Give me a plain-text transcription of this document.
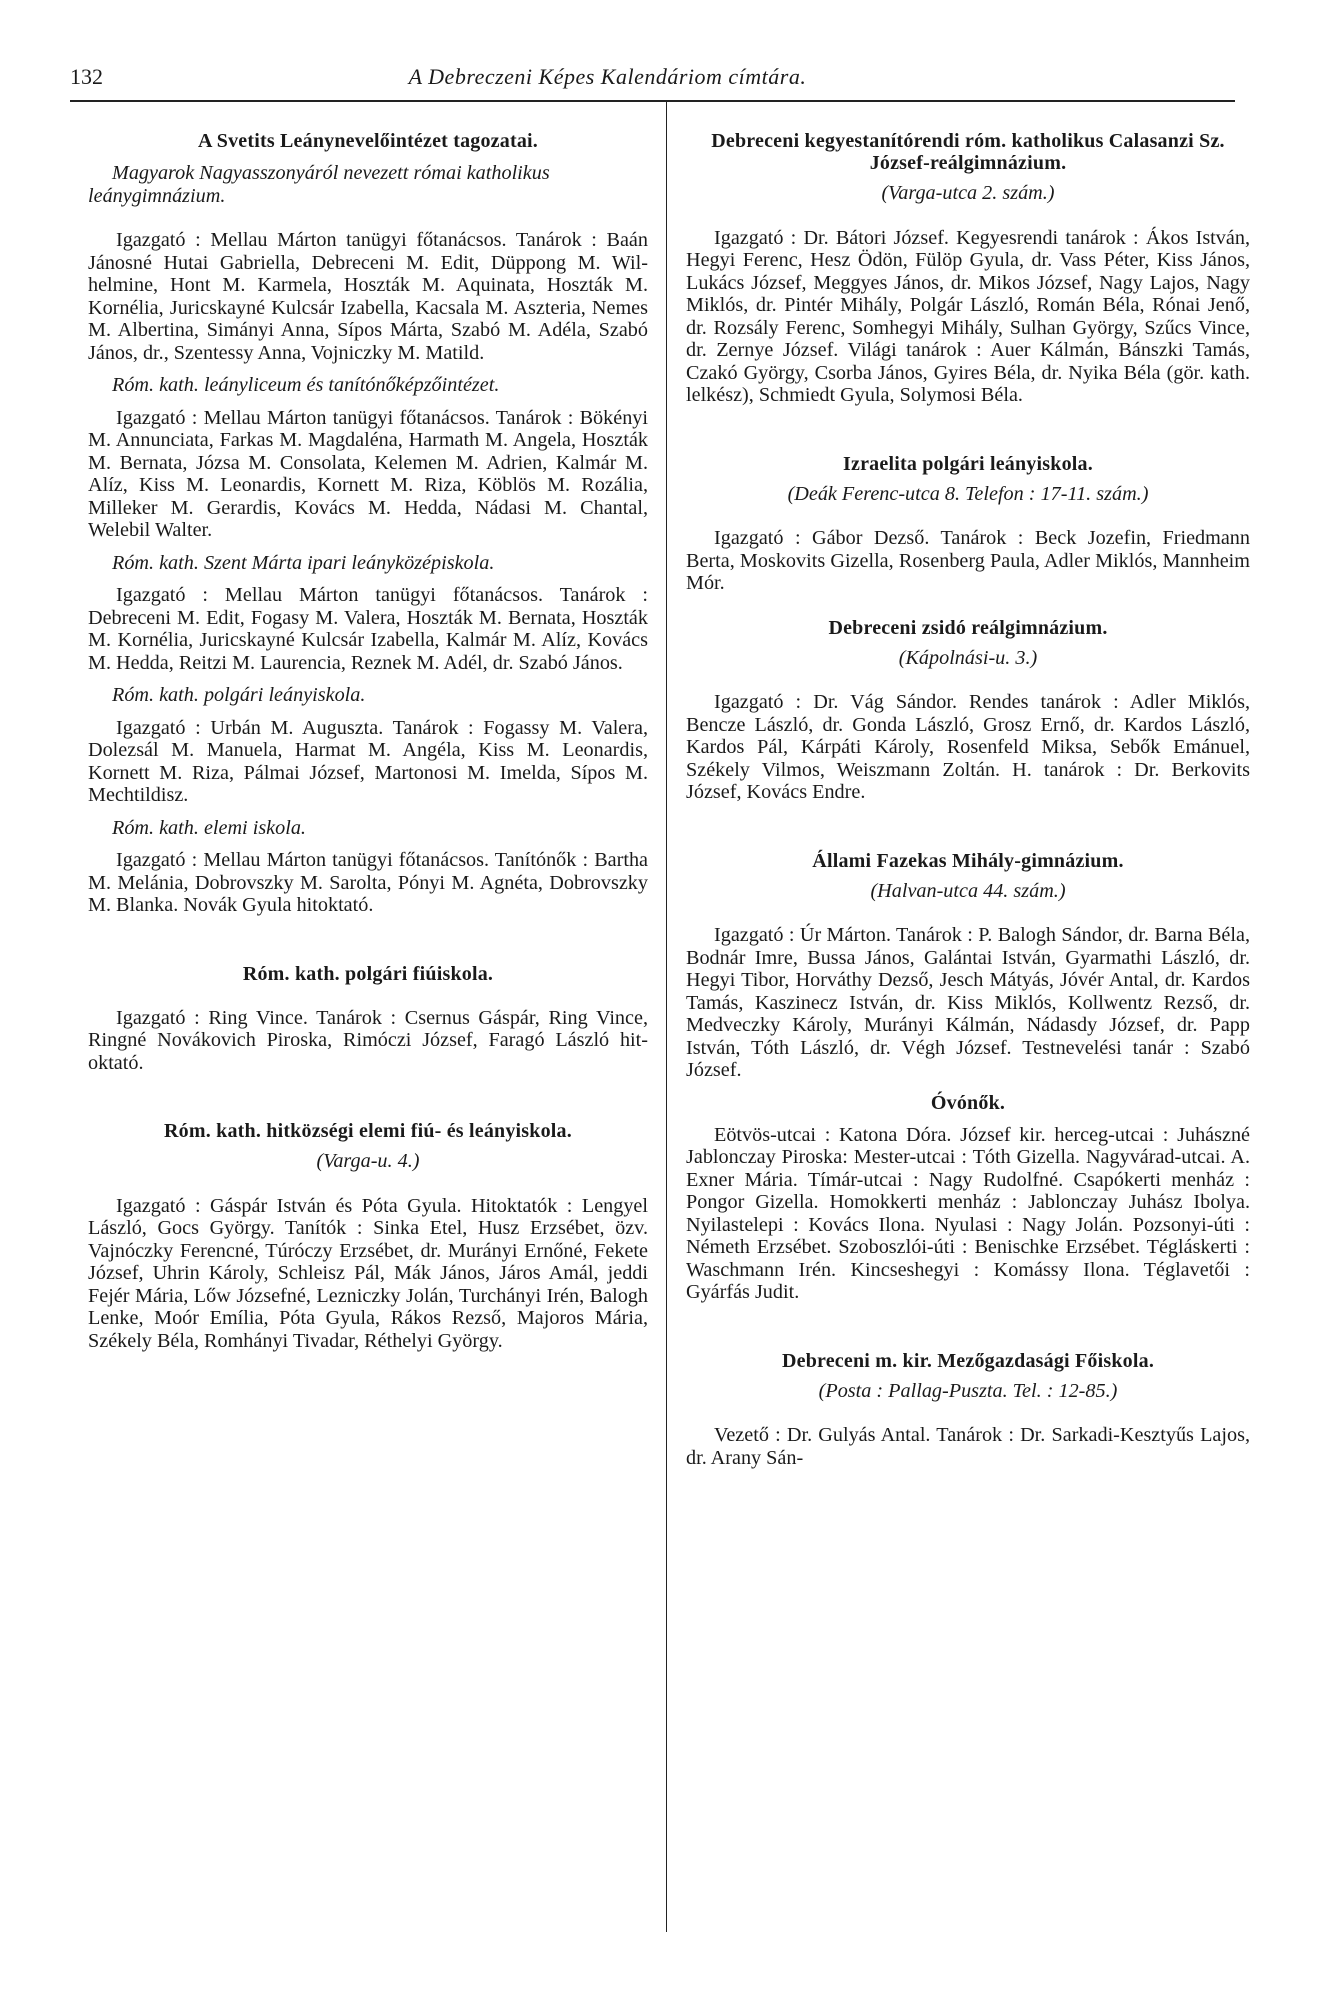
132	A Debreczeni Képes Kalendáriom címtára.

A Svetits Leánynevelőintézet tagozatai.

Magyarok Nagyasszonyáról nevezett római katholikus leánygimnázium.

Igazgató : Mellau Márton tanügyi főtanácsos. Tanárok : Baán Jánosné Hutai Gabriella, Debreceni M. Edit, Düppong M. Wilhelmine, Hont M. Karmela, Hoszták M. Aquinata, Hoszták M. Kornélia, Juricskayné Kulcsár Izabella, Kacsala M. Aszteria, Nemes M. Albertina, Simányi Anna, Sípos Márta, Szabó M. Adéla, Szabó János, dr., Szentessy Anna, Vojniczky M. Matild.

Róm. kath. leányliceum és tanítónőképzőintézet.

Igazgató : Mellau Márton tanügyi főtanácsos. Tanárok : Bökényi M. Annunciata, Farkas M. Magdaléna, Harmath M. Angela, Hoszták M. Bernata, Józsa M. Consolata, Kelemen M. Adrien, Kalmár M. Alíz, Kiss M. Leonardis, Kornett M. Riza, Köblös M. Rozália, Milleker M. Gerardis, Kovács M. Hedda, Nádasi M. Chantal, Welebil Walter.

Róm. kath. Szent Márta ipari leányközépiskola.

Igazgató : Mellau Márton tanügyi főtanácsos. Tanárok : Debreceni M. Edit, Fogasy M. Valera, Hoszták M. Bernata, Hoszták M. Kornélia, Juricskayné Kulcsár Izabella, Kalmár M. Alíz, Kovács M. Hedda, Reitzi M. Laurencia, Reznek M. Adél, dr. Szabó János.

Róm. kath. polgári leányiskola.

Igazgató : Urbán M. Auguszta. Tanárok : Fogassy M. Valera, Dolezsál M. Manuela, Harmat M. Angéla, Kiss M. Leonardis, Kornett M. Riza, Pálmai József, Martonosi M. Imelda, Sípos M. Mechtildisz.

Róm. kath. elemi iskola.

Igazgató : Mellau Márton tanügyi főtanácsos. Tanítónők : Bartha M. Melánia, Dobrovszky M. Sarolta, Pónyi M. Agnéta, Dobrovszky M. Blanka. Novák Gyula hitoktató.

Róm. kath. polgári fiúiskola.

Igazgató : Ring Vince. Tanárok : Csernus Gáspár, Ring Vince, Ringné Novákovich Piroska, Rimóczi József, Faragó László hitoktató.

Róm. kath. hitközségi elemi fiú- és leányiskola.

(Varga-u. 4.)

Igazgató : Gáspár István és Póta Gyula. Hitoktatók : Lengyel László, Gocs György. Tanítók : Sinka Etel, Husz Erzsébet, özv. Vajnóczky Ferencné, Túróczy Erzsébet, dr. Murányi Ernőné, Fekete József, Uhrin Károly, Schleisz Pál, Mák János, Járos Amál, jeddi Fejér Mária, Lőw Józsefné, Lezniczky Jolán, Turchányi Irén, Balogh Lenke, Moór Emília, Póta Gyula, Rákos Rezső, Majoros Mária, Székely Béla, Romhányi Tivadar, Réthelyi György.

Debreceni kegyestanítórendi róm. katholikus Calasanzi Sz. József-reálgimnázium.

(Varga-utca 2. szám.)

Igazgató : Dr. Bátori József. Kegyesrendi tanárok : Ákos István, Hegyi Ferenc, Hesz Ödön, Fülöp Gyula, dr. Vass Péter, Kiss János, Lukács József, Meggyes János, dr. Mikos József, Nagy Lajos, Nagy Miklós, dr. Pintér Mihály, Polgár László, Román Béla, Rónai Jenő, dr. Rozsály Ferenc, Somhegyi Mihály, Sulhan György, Szűcs Vince, dr. Zernye József. Világi tanárok : Auer Kálmán, Bánszki Tamás, Czakó György, Csorba János, Gyires Béla, dr. Nyika Béla (gör. kath. lelkész), Schmiedt Gyula, Solymosi Béla.

Izraelita polgári leányiskola.

(Deák Ferenc-utca 8. Telefon : 17-11. szám.)

Igazgató : Gábor Dezső. Tanárok : Beck Jozefin, Friedmann Berta, Moskovits Gizella, Rosenberg Paula, Adler Miklós, Mannheim Mór.

Debreceni zsidó reálgimnázium.

(Kápolnási-u. 3.)

Igazgató : Dr. Vág Sándor. Rendes tanárok : Adler Miklós, Bencze László, dr. Gonda László, Grosz Ernő, dr. Kardos László, Kardos Pál, Kárpáti Károly, Rosenfeld Miksa, Sebők Emánuel, Székely Vilmos, Weiszmann Zoltán. H. tanárok : Dr. Berkovits József, Kovács Endre.

Állami Fazekas Mihály-gimnázium.

(Halvan-utca 44. szám.)

Igazgató : Úr Márton. Tanárok : P. Balogh Sándor, dr. Barna Béla, Bodnár Imre, Bussa János, Galántai István, Gyarmathi László, dr. Hegyi Tibor, Horváthy Dezső, Jesch Mátyás, Jóvér Antal, dr. Kardos Tamás, Kaszinecz István, dr. Kiss Miklós, Kollwentz Rezső, dr. Medveczky Károly, Murányi Kálmán, Nádasdy József, dr. Papp István, Tóth László, dr. Végh József. Testnevelési tanár : Szabó József.

Óvónők.

Eötvös-utcai : Katona Dóra. József kir. herceg-utcai : Juhászné Jablonczay Piroska: Mester-utcai : Tóth Gizella. Nagyvárad-utcai. A. Exner Mária. Tímár-utcai : Nagy Rudolfné. Csapókerti menház : Pongor Gizella. Homokkerti menház : Jablonczay Juhász Ibolya. Nyilastelepi : Kovács Ilona. Nyulasi : Nagy Jolán. Pozsonyi-úti : Németh Erzsébet. Szoboszlói-úti : Benischke Erzsébet. Tégláskerti : Waschmann Irén. Kincseshegyi : Komássy Ilona. Téglavetői : Gyárfás Judit.

Debreceni m. kir. Mezőgazdasági Főiskola.

(Posta : Pallag-Puszta. Tel. : 12-85.)

Vezető : Dr. Gulyás Antal. Tanárok : Dr. Sarkadi-Kesztyűs Lajos, dr. Arany Sán-
